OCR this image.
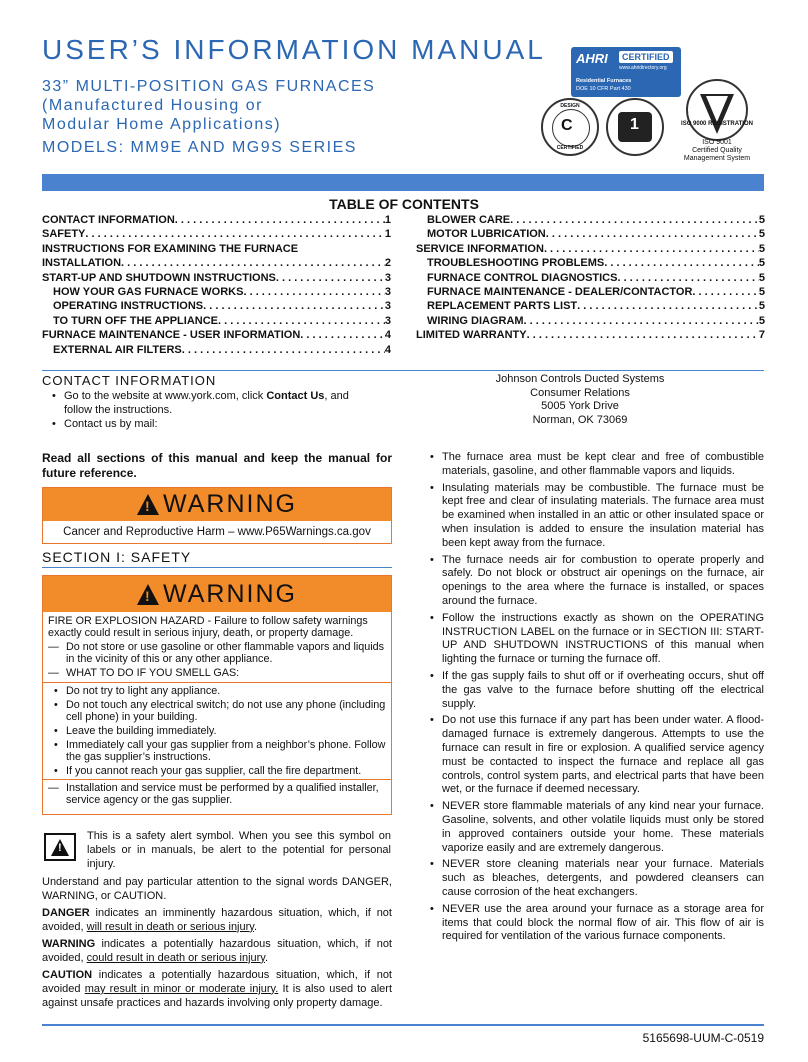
USER’S INFORMATION MANUAL
33” MULTI-POSITION GAS FURNACES
(Manufactured Housing or
Modular Home Applications)
MODELS: MM9E AND MG9S SERIES
AHRI	CERTIFIED
www.ahridirectory.org
Residential Furnaces
DOE 10 CFR Part 430
DESIGN
CERTIFIED
C	1	ISO 9000 REGISTRATION
ISO 9001
Certified Quality
Management System
TABLE OF CONTENTS
CONTACT INFORMATION . . .	1
SAFETY . . .	1
INSTRUCTIONS FOR EXAMINING THE FURNACE
INSTALLATION . . .	2
START-UP AND SHUTDOWN INSTRUCTIONS . . .	3
HOW YOUR GAS FURNACE WORKS . . .	3
OPERATING INSTRUCTIONS . . .	3
TO TURN OFF THE APPLIANCE . . .	3
FURNACE MAINTENANCE - USER INFORMATION . . .	4
EXTERNAL AIR FILTERS . . .	4
BLOWER CARE . . .	5
MOTOR LUBRICATION . . .	5
SERVICE INFORMATION . . .	5
TROUBLESHOOTING PROBLEMS . . .	5
FURNACE CONTROL DIAGNOSTICS . . .	5
FURNACE MAINTENANCE - DEALER/CONTACTOR . . .	5
REPLACEMENT PARTS LIST . . .	5
WIRING DIAGRAM . . .	5
LIMITED WARRANTY . . .	7
CONTACT INFORMATION
• Go to the website at www.york.com, click Contact Us, and follow the instructions.
• Contact us by mail:
Johnson Controls Ducted Systems
Consumer Relations
5005 York Drive
Norman, OK 73069
Read all sections of this manual and keep the manual for future reference.
! WARNING
Cancer and Reproductive Harm – www.P65Warnings.ca.gov
SECTION I: SAFETY
! WARNING
FIRE OR EXPLOSION HAZARD - Failure to follow safety warnings exactly could result in serious injury, death, or property damage.
— Do not store or use gasoline or other flammable vapors and liquids in the vicinity of this or any other appliance.
— WHAT TO DO IF YOU SMELL GAS:
• Do not try to light any appliance.
• Do not touch any electrical switch; do not use any phone (including cell phone) in your building.
• Leave the building immediately.
• Immediately call your gas supplier from a neighbor’s phone. Follow the gas supplier’s instructions.
• If you cannot reach your gas supplier, call the fire department.
— Installation and service must be performed by a qualified installer, service agency or the gas supplier.
!
This is a safety alert symbol. When you see this symbol on labels or in manuals, be alert to the potential for personal injury.
Understand and pay particular attention to the signal words DANGER, WARNING, or CAUTION.
DANGER indicates an imminently hazardous situation, which, if not avoided, will result in death or serious injury.
WARNING indicates a potentially hazardous situation, which, if not avoided, could result in death or serious injury.
CAUTION indicates a potentially hazardous situation, which, if not avoided may result in minor or moderate injury. It is also used to alert against unsafe practices and hazards involving only property damage.
• The furnace area must be kept clear and free of combustible materials, gasoline, and other flammable vapors and liquids.
• Insulating materials may be combustible. The furnace must be kept free and clear of insulating materials. The furnace area must be examined when installed in an attic or other insulated space or when insulation is added to ensure the insulation material has been kept away from the furnace.
• The furnace needs air for combustion to operate properly and safely. Do not block or obstruct air openings on the furnace, air openings to the area where the furnace is installed, or spaces around the furnace.
• Follow the instructions exactly as shown on the OPERATING INSTRUCTION LABEL on the furnace or in SECTION III: START-UP AND SHUTDOWN INSTRUCTIONS of this manual when lighting the furnace or turning the furnace off.
• If the gas supply fails to shut off or if overheating occurs, shut off the gas valve to the furnace before shutting off the electrical supply.
• Do not use this furnace if any part has been under water. A flood-damaged furnace is extremely dangerous. Attempts to use the furnace can result in fire or explosion. A qualified service agency must be contacted to inspect the furnace and replace all gas controls, control system parts, and electrical parts that have been wet, or the furnace if deemed necessary.
• NEVER store flammable materials of any kind near your furnace. Gasoline, solvents, and other volatile liquids must only be stored in approved containers outside your home. These materials vaporize easily and are extremely dangerous.
• NEVER store cleaning materials near your furnace. Materials such as bleaches, detergents, and powdered cleansers can cause corrosion of the heat exchangers.
• NEVER use the area around your furnace as a storage area for items that could block the normal flow of air. This flow of air is required for ventilation of the various furnace components.
5165698-UUM-C-0519
